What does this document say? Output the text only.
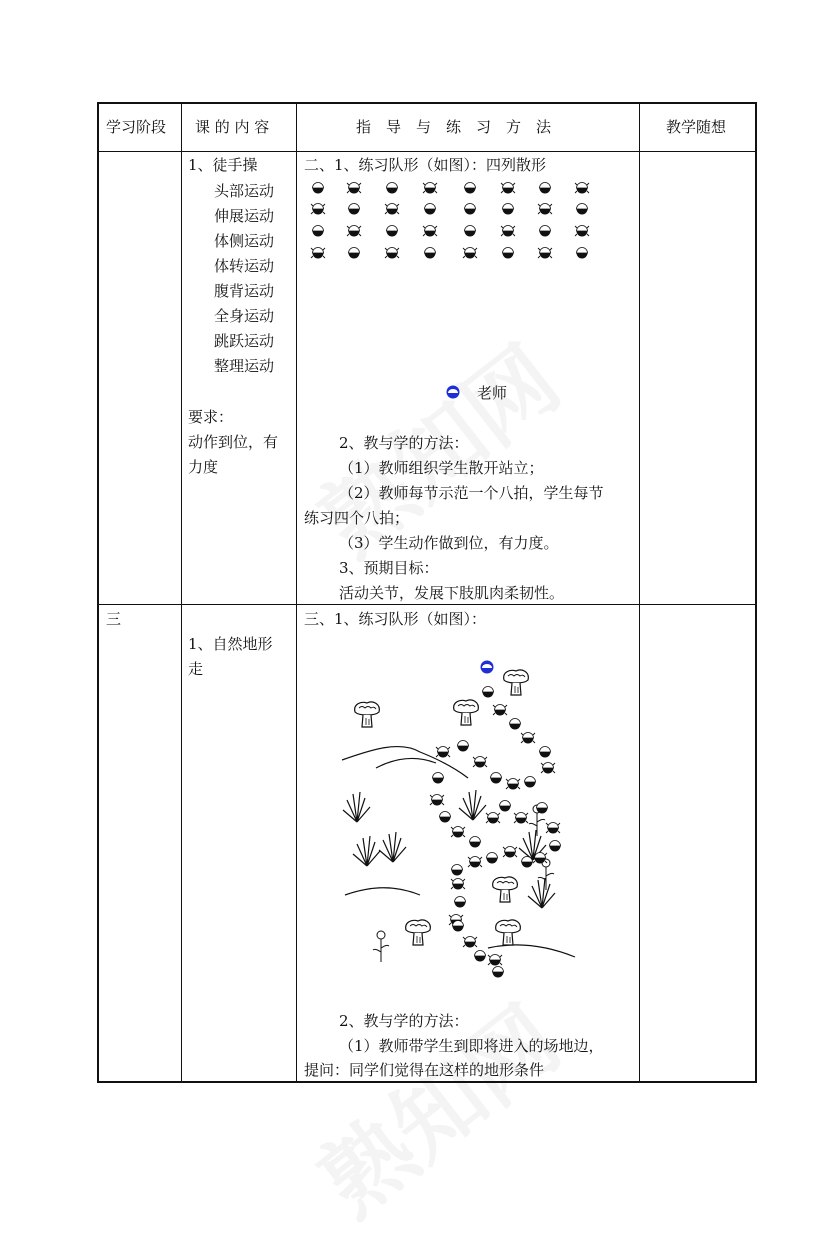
学习阶段 课 的 内 容	指　导　与　练　习　方　法	教学随想
1、徒手操
头部运动
伸展运动
体侧运动
体转运动
腹背运动
全身运动
跳跃运动
整理运动
要求：
动作到位，有
力度
二、1、练习队形（如图）：四列散形
老师
2、教与学的方法：
（1）教师组织学生散开站立；
（2）教师每节示范一个八拍，学生每节
练习四个八拍；
（3）学生动作做到位，有力度。
3、预期目标：
活动关节，发展下肢肌肉柔韧性。
三
1、自然地形
走
三、1、练习队形（如图）：
2、教与学的方法：
（1）教师带学生到即将进入的场地边，
提问：同学们觉得在这样的地形条件
